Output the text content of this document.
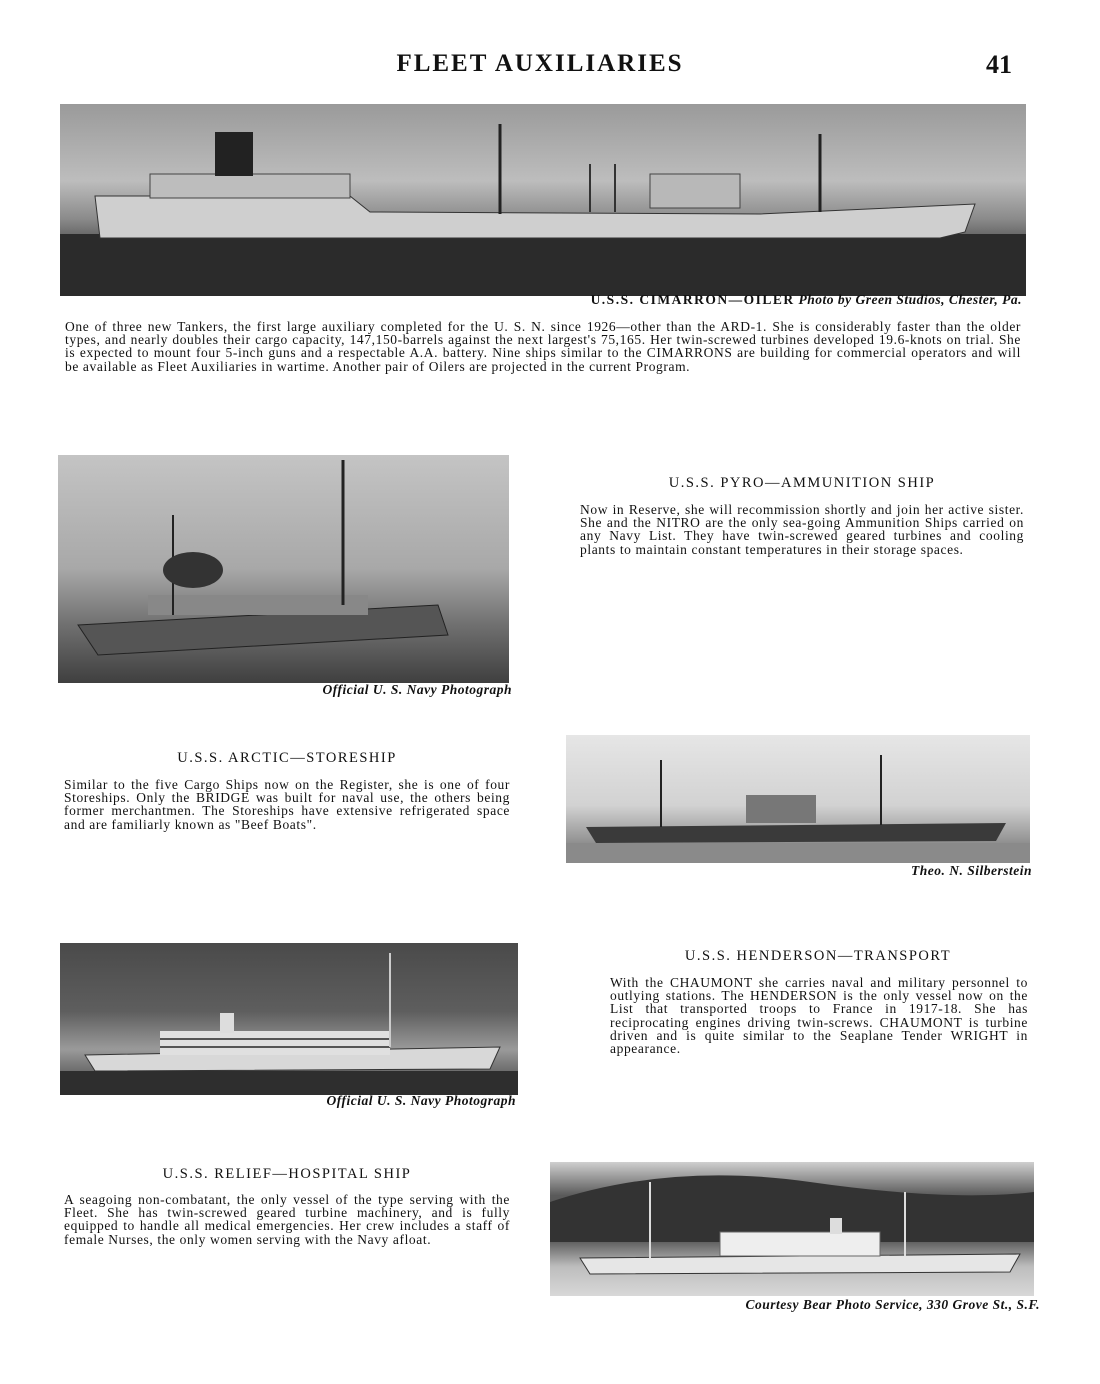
FLEET AUXILIARIES	41
U.S.S. CIMARRON—OILER Photo by Green Studios, Chester, Pa.
One of three new Tankers, the first large auxiliary completed for the U. S. N. since 1926—other than the ARD-1. She is considerably faster than the older types, and nearly doubles their cargo capacity, 147,150-barrels against the next largest's 75,165. Her twin-screwed turbines developed 19.6-knots on trial. She is expected to mount four 5-inch guns and a respectable A.A. battery. Nine ships similar to the CIMARRONS are building for commercial operators and will be available as Fleet Auxiliaries in wartime. Another pair of Oilers are projected in the current Program.
Official U. S. Navy Photograph
U.S.S. PYRO—AMMUNITION SHIP
Now in Reserve, she will recommission shortly and join her active sister. She and the NITRO are the only sea-going Ammunition Ships carried on any Navy List. They have twin-screwed geared turbines and cooling plants to maintain constant temperatures in their storage spaces.
U.S.S. ARCTIC—STORESHIP
Similar to the five Cargo Ships now on the Register, she is one of four Storeships. Only the BRIDGE was built for naval use, the others being former merchantmen. The Storeships have extensive refrigerated space and are familiarly known as "Beef Boats".
Theo. N. Silberstein
Official U. S. Navy Photograph
U.S.S. HENDERSON—TRANSPORT
With the CHAUMONT she carries naval and military personnel to outlying stations. The HENDERSON is the only vessel now on the List that transported troops to France in 1917-18. She has reciprocating engines driving twin-screws. CHAUMONT is turbine driven and is quite similar to the Seaplane Tender WRIGHT in appearance.
U.S.S. RELIEF—HOSPITAL SHIP
A seagoing non-combatant, the only vessel of the type serving with the Fleet. She has twin-screwed geared turbine machinery, and is fully equipped to handle all medical emergencies. Her crew includes a staff of female Nurses, the only women serving with the Navy afloat.
Courtesy Bear Photo Service, 330 Grove St., S.F.
